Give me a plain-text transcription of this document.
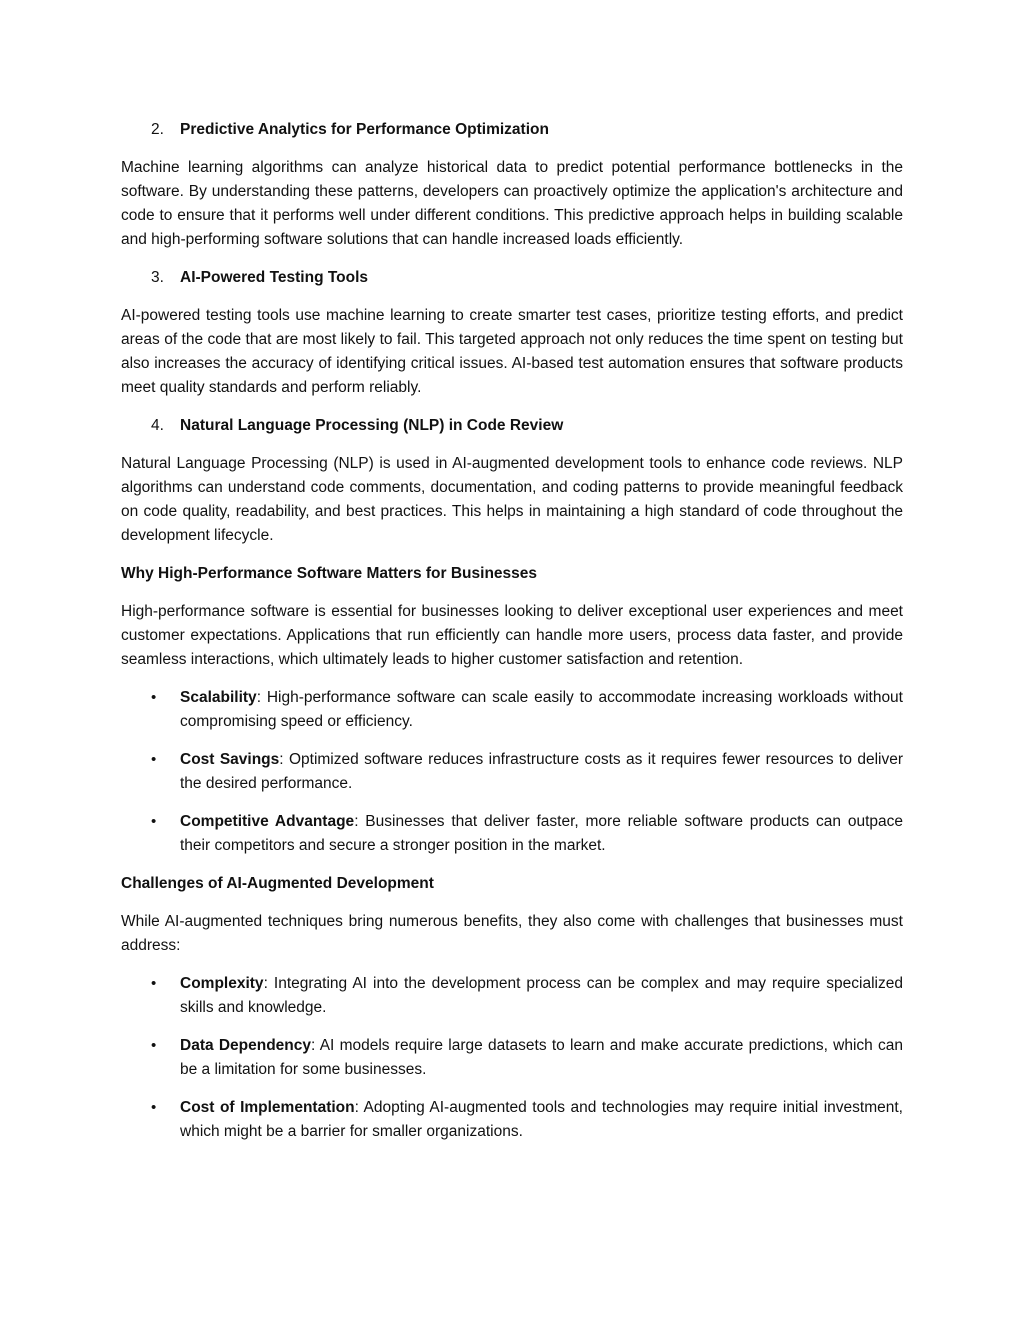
2. Predictive Analytics for Performance Optimization

Machine learning algorithms can analyze historical data to predict potential performance bottlenecks in the software. By understanding these patterns, developers can proactively optimize the application's architecture and code to ensure that it performs well under different conditions. This predictive approach helps in building scalable and high-performing software solutions that can handle increased loads efficiently.

3. AI-Powered Testing Tools

AI-powered testing tools use machine learning to create smarter test cases, prioritize testing efforts, and predict areas of the code that are most likely to fail. This targeted approach not only reduces the time spent on testing but also increases the accuracy of identifying critical issues. AI-based test automation ensures that software products meet quality standards and perform reliably.

4. Natural Language Processing (NLP) in Code Review

Natural Language Processing (NLP) is used in AI-augmented development tools to enhance code reviews. NLP algorithms can understand code comments, documentation, and coding patterns to provide meaningful feedback on code quality, readability, and best practices. This helps in maintaining a high standard of code throughout the development lifecycle.

Why High-Performance Software Matters for Businesses

High-performance software is essential for businesses looking to deliver exceptional user experiences and meet customer expectations. Applications that run efficiently can handle more users, process data faster, and provide seamless interactions, which ultimately leads to higher customer satisfaction and retention.

• Scalability: High-performance software can scale easily to accommodate increasing workloads without compromising speed or efficiency.
• Cost Savings: Optimized software reduces infrastructure costs as it requires fewer resources to deliver the desired performance.
• Competitive Advantage: Businesses that deliver faster, more reliable software products can outpace their competitors and secure a stronger position in the market.
Challenges of AI-Augmented Development

While AI-augmented techniques bring numerous benefits, they also come with challenges that businesses must address:

• Complexity: Integrating AI into the development process can be complex and may require specialized skills and knowledge.
• Data Dependency: AI models require large datasets to learn and make accurate predictions, which can be a limitation for some businesses.
• Cost of Implementation: Adopting AI-augmented tools and technologies may require initial investment, which might be a barrier for smaller organizations.
